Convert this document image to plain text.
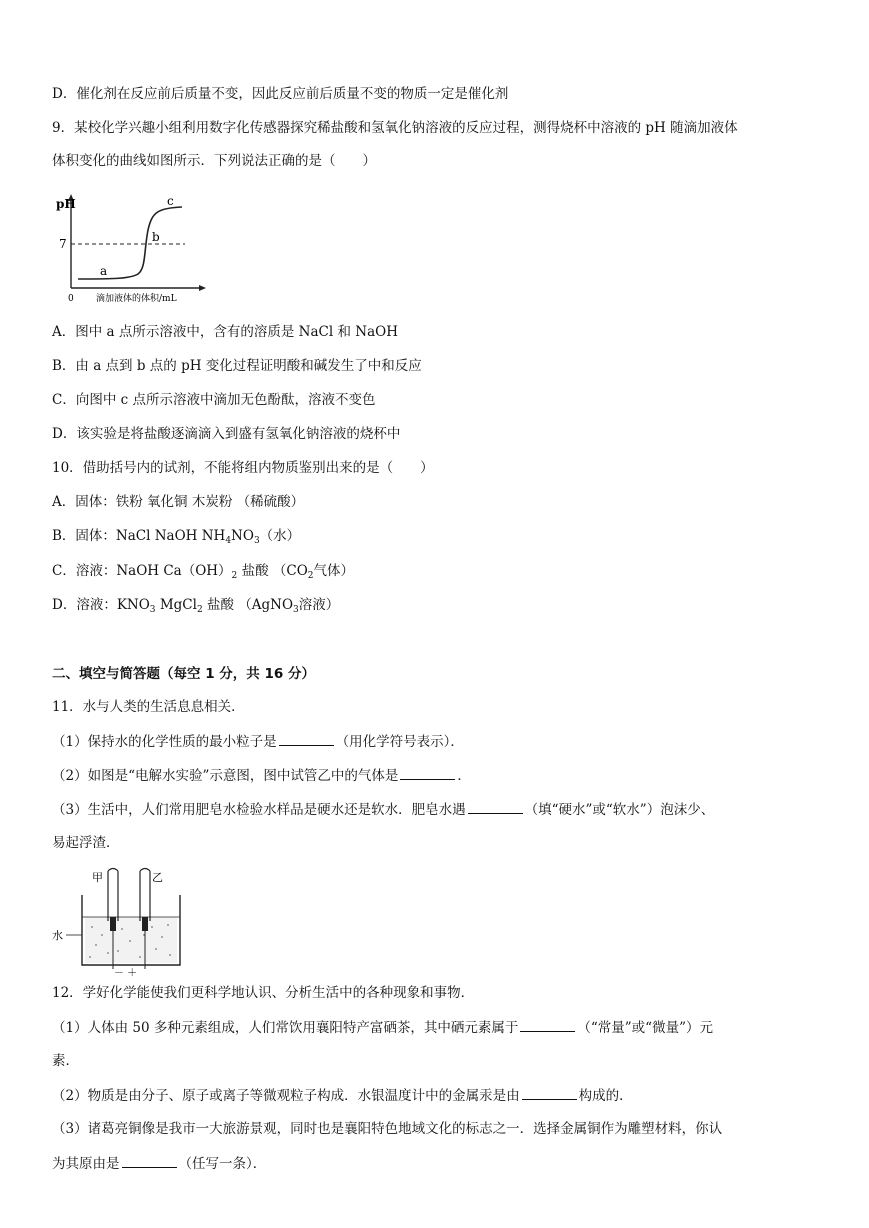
D．催化剂在反应前后质量不变，因此反应前后质量不变的物质一定是催化剂
9．某校化学兴趣小组利用数字化传感器探究稀盐酸和氢氧化钠溶液的反应过程，测得烧杯中溶液的 pH 随滴加液体
体积变化的曲线如图所示．下列说法正确的是（　　）
pH
7
0 滴加液体的体积/mL
a
b
c
A．图中 a 点所示溶液中，含有的溶质是 NaCl 和 NaOH
B．由 a 点到 b 点的 pH 变化过程证明酸和碱发生了中和反应
C．向图中 c 点所示溶液中滴加无色酚酞，溶液不变色
D．该实验是将盐酸逐滴滴入到盛有氢氧化钠溶液的烧杯中
10．借助括号内的试剂，不能将组内物质鉴别出来的是（　　）
A．固体：铁粉 氧化铜 木炭粉 （稀硫酸）
B．固体：NaCl NaOH $NH_4NO_3$（水）
C．溶液：NaOH $Ca(OH)_2$ 盐酸 （$CO_2$气体）
D．溶液：$KNO_3$ MgCl$_2$ 盐酸 （AgNO$_3$溶液）
二、填空与简答题（每空 1 分，共 16 分）
11．水与人类的生活息息相关．
（1）保持水的化学性质的最小粒子是	（用化学符号表示）．
（2）如图是“电解水实验”示意图，图中试管乙中的气体是	．
（3）生活中，人们常用肥皂水检验水样品是硬水还是软水．肥皂水遇	（填“硬水”或“软水”）泡沫少、
易起浮渣．
甲	乙
水
－ ＋
12．学好化学能使我们更科学地认识、分析生活中的各种现象和事物．
（1）人体由 50 多种元素组成，人们常饮用襄阳特产富硒茶，其中硒元素属于	（“常量”或“微量”）元
素．
（2）物质是由分子、原子或离子等微观粒子构成．水银温度计中的金属汞是由	构成的．
（3）诸葛亮铜像是我市一大旅游景观，同时也是襄阳特色地域文化的标志之一．选择金属铜作为雕塑材料，你认
为其原由是	（任写一条）．
